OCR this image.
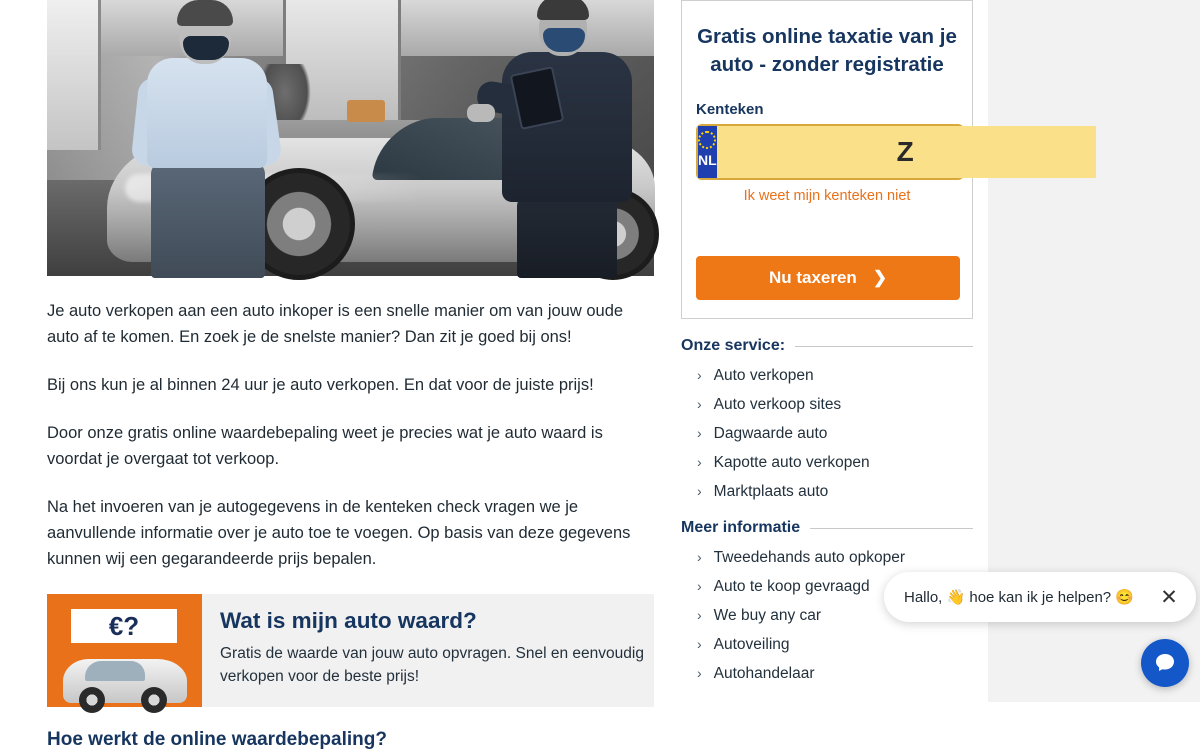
Je auto verkopen aan een auto inkoper is een snelle manier om van jouw oude auto af te komen. En zoek je de snelste manier? Dan zit je goed bij ons!

Bij ons kun je al binnen 24 uur je auto verkopen. En dat voor de juiste prijs!

Door onze gratis online waardebepaling weet je precies wat je auto waard is voordat je overgaat tot verkoop.

Na het invoeren van je autogegevens in de kenteken check vragen we je aanvullende informatie over je auto toe te voegen. Op basis van deze gegevens kunnen wij een gegarandeerde prijs bepalen.

€?	Wat is mijn auto waard?
Gratis de waarde van jouw auto opvragen. Snel en eenvoudig verkopen voor de beste prijs!
Hoe werkt de online waardebepaling?
Gratis online taxatie van je auto - zonder registratie
Kenteken
NL
Z
Ik weet mijn kenteken niet
Nu taxeren ❯
Onze service:
› Auto verkopen
› Auto verkoop sites
› Dagwaarde auto
› Kapotte auto verkopen
› Marktplaats auto
Meer informatie
› Tweedehands auto opkoper
› Auto te koop gevraagd
› We buy any car
› Autoveiling
› Autohandelaar
Hallo, 👋 hoe kan ik je helpen? 😊	✕
